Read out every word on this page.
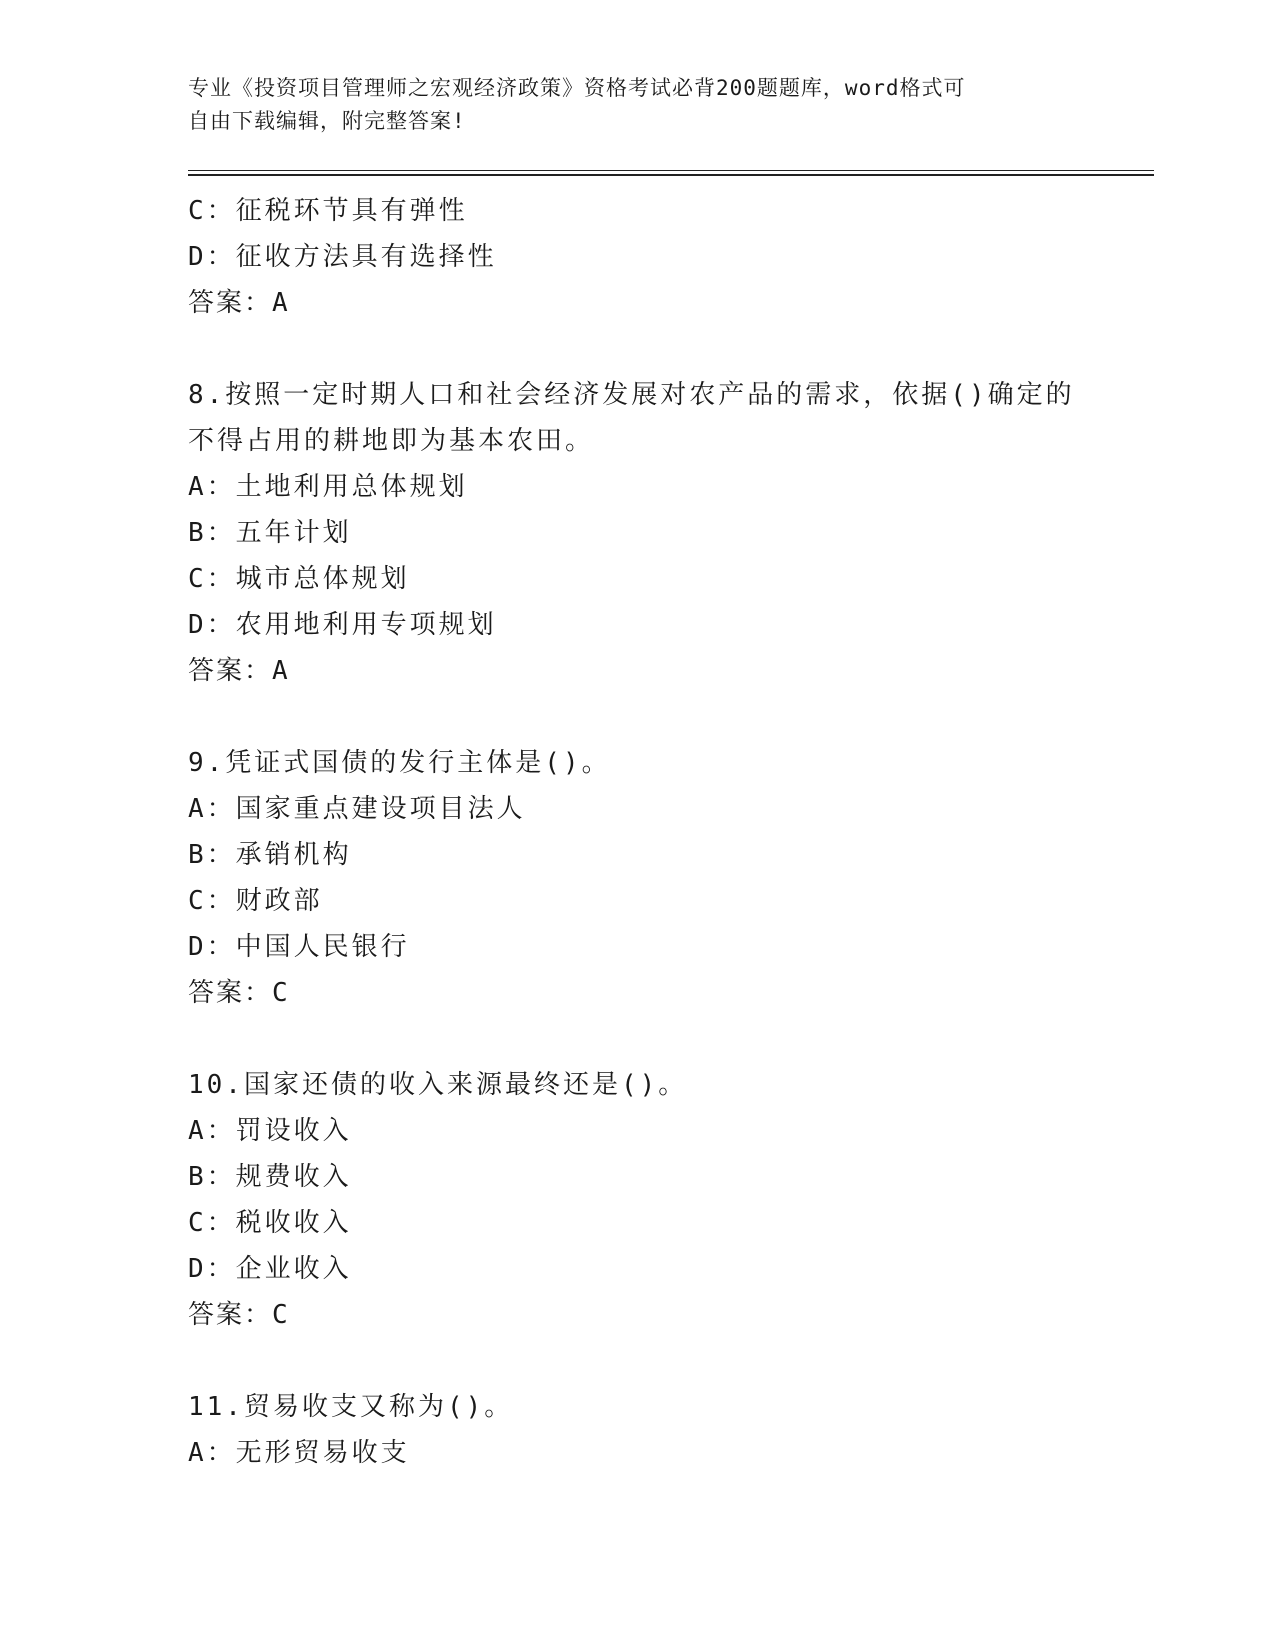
专业《投资项目管理师之宏观经济政策》资格考试必背200题题库，word格式可
自由下载编辑，附完整答案!
C：征税环节具有弹性
D：征收方法具有选择性
答案：A
8.按照一定时期人口和社会经济发展对农产品的需求，依据()确定的
不得占用的耕地即为基本农田。
A：土地利用总体规划
B：五年计划
C：城市总体规划
D：农用地利用专项规划
答案：A
9.凭证式国债的发行主体是()。
A：国家重点建设项目法人
B：承销机构
C：财政部
D：中国人民银行
答案：C
10.国家还债的收入来源最终还是()。
A：罚设收入
B：规费收入
C：税收收入
D：企业收入
答案：C
11.贸易收支又称为()。
A：无形贸易收支
